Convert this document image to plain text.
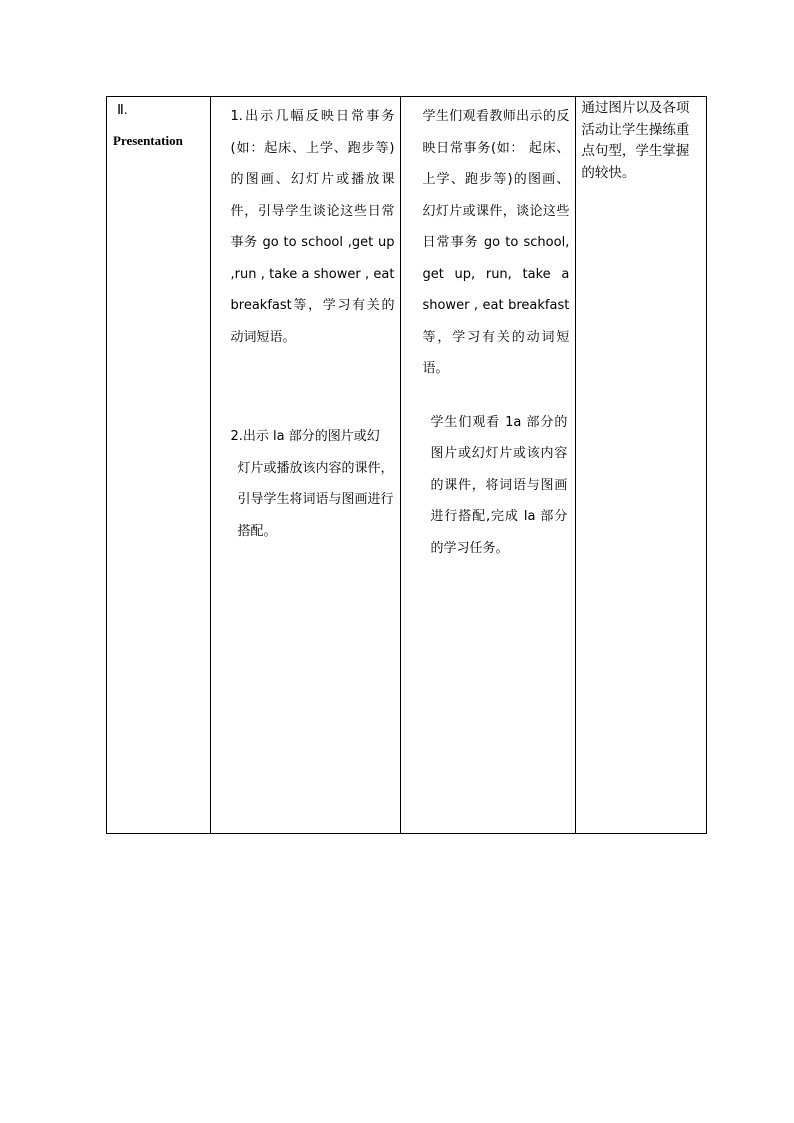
Ⅱ.
Presentation

1.出示几幅反映日常事务(如：起床、上学、跑步等)的图画、幻灯片或播放课件，引导学生谈论这些日常事务 go to school ,get up ,run , take a shower , eat breakfast等，学习有关的动词短语。
2.出示 la 部分的图片或幻
灯片或播放该内容的课件，引导学生将词语与图画进行搭配。

学生们观看教师出示的反映日常事务(如： 起床、上学、跑步等)的图画、幻灯片或课件，谈论这些日常事务 go to school, get up, run, take a shower , eat breakfast 等，学习有关的动词短语。
学生们观看 1a 部分的图片或幻灯片或该内容的课件，将词语与图画进行搭配,完成 la 部分的学习任务。

通过图片以及各项活动让学生操练重点句型，学生掌握的较快。
